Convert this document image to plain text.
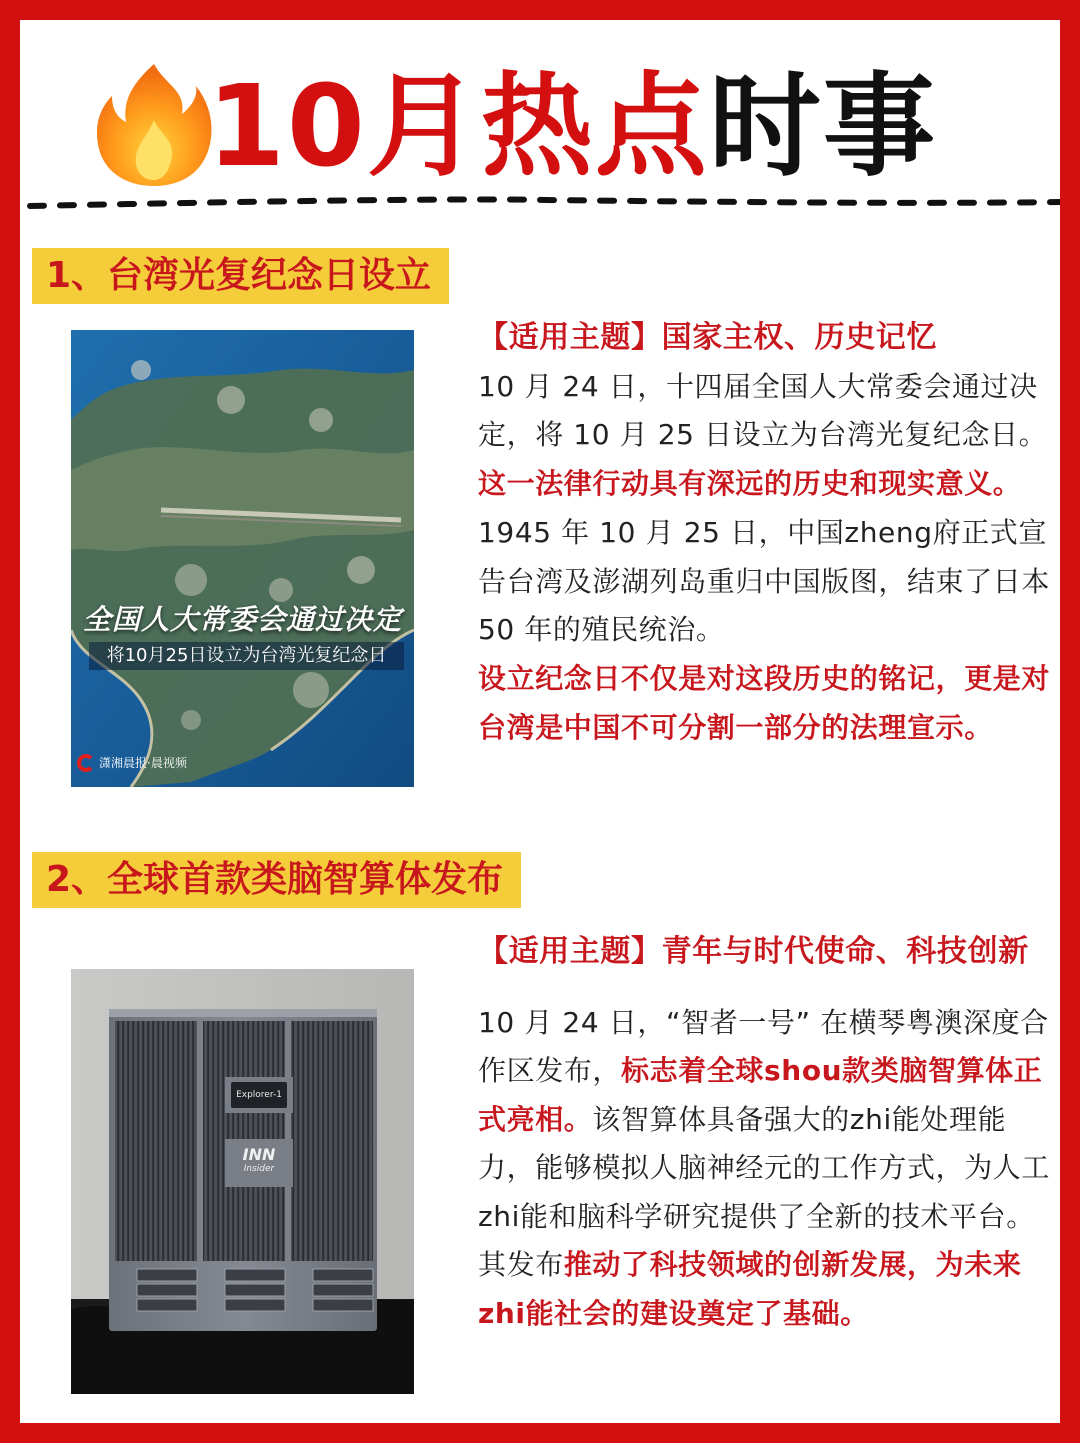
10月热点时事
1、台湾光复纪念日设立
全国人大常委会通过决定
将10月25日设立为台湾光复纪念日
潇湘晨报·晨视频
【适用主题】国家主权、历史记忆
10 月 24 日，十四届全国人大常委会通过决定，将 10 月 25 日设立为台湾光复纪念日。这一法律行动具有深远的历史和现实意义。1945 年 10 月 25 日，中国zheng府正式宣告台湾及澎湖列岛重归中国版图，结束了日本 50 年的殖民统治。
设立纪念日不仅是对这段历史的铭记，更是对台湾是中国不可分割一部分的法理宣示。
2、全球首款类脑智算体发布
Explorer-1
INN
Insider
【适用主题】青年与时代使命、科技创新
10 月 24 日，“智者一号” 在横琴粤澳深度合作区发布，标志着全球shou款类脑智算体正式亮相。该智算体具备强大的zhi能处理能力，能够模拟人脑神经元的工作方式，为人工zhi能和脑科学研究提供了全新的技术平台。
其发布推动了科技领域的创新发展，为未来zhi能社会的建设奠定了基础。
